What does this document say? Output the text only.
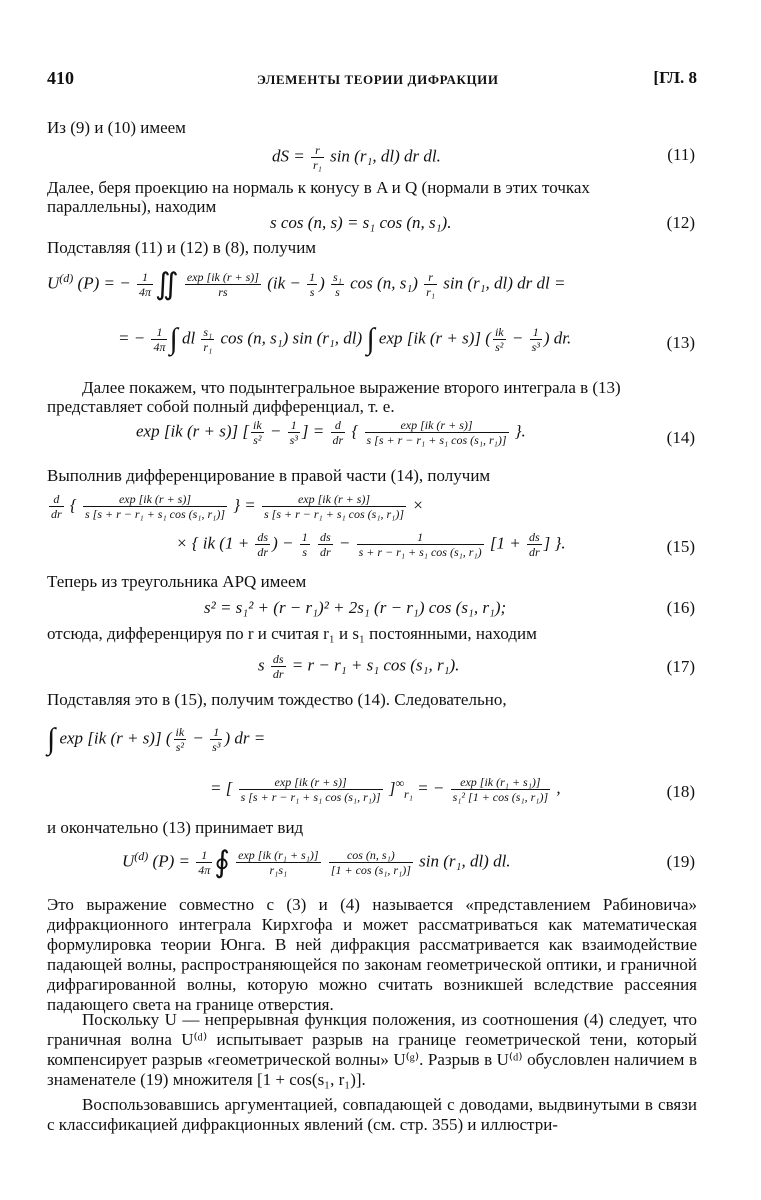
410	ЭЛЕМЕНТЫ ТЕОРИИ ДИФРАКЦИИ	[ГЛ. 8
Из (9) и (10) имеем
dS = $\frac{r}{\text{r₁}}$ sin (r₁, dl) dr dl.	(11)
Далее, беря проекцию на нормаль к конусу в A и Q (нормали в этих точках
параллельны), находим
s cos (n, s) = s₁ cos (n, s₁).	(12)
Подставляя (11) и (12) в (8), получим
$U^{(d)}$ (P) = − $\frac{1}{4\pi}$ ∬ $\frac{\exp [ik (r + s)]}{rs} (ik - \frac{1}{s}$ ) $\frac{\text{s₁}}{s}$ cos (n, $s_1) \frac{r}{\text{r₁}}$ sin (r₁, dl) dr dl =
= − $\frac{1}{4\pi}$ ∫ dl $\frac{\text{s₁}}{\text{r₁}}$ cos (n, s₁) sin (r₁, dl) ∫ exp [ik (r + s)] ( $\frac{ik}{\text{s²}} - \frac{1}{\text{s³}}$ ) dr.	(13)
Далее покажем, что подынтегральное выражение второго интеграла в (13)
представляет собой полный дифференциал, т. е.
exp [ik (r + s)] [ $\frac{ik}{\text{s²}} - \frac{1}{\text{s³}}$ ] = $\frac{d}{dr}$ { $\frac{\exp [ik (r + s)]}{\text{s [s + r − r₁ + s₁ cos (s₁, r₁)]}}$ }.	(14)
Выполнив дифференцирование в правой части (14), получим
$\frac{d}{dr}$ { $\frac{\exp [ik (r + s)]}{\text{s [s + r − r₁ + s₁ cos (s₁, r₁)]}}$ } = $\frac{\exp [ik (r + s)]}{\text{s [s + r − r₁ + s₁ cos (s₁, r₁)]}}$ ×
× { ik ($1 + \frac{ds}{dr}$ ) − $\frac{1}{s}$
$\frac{ds}{dr} - \frac{1}{\text{s + r − r₁ + s₁ cos (s₁, r₁)}} [1 + \frac{ds}{dr}$ ] }.	(15)
Теперь из треугольника APQ имеем
s² = s₁² + (r − r₁)² + 2s₁ (r − r₁) cos (s₁, r₁);	(16)
отсюда, дифференцируя по r и считая r₁ и s₁ постоянными, находим
s $\frac{ds}{dr} = r - r_1 + s_1$ cos (s₁, r₁).	(17)
Подставляя это в (15), получим тождество (14). Следовательно,
∫ exp [ik (r + s)] ( $\frac{ik}{\text{s²}} - \frac{1}{\text{s³}}$ ) dr =
= [ $\frac{\exp [ik (r + s)]}{\text{s [s + r − r₁ + s₁ cos (s₁, r₁)]}} ]^\infty_{r_1}$ = − $\frac{\text{exp [ik (r₁ + s₁)]}}{\text{s₁² [1 + cos (s₁, r₁)]}}$ ,	(18)
и окончательно (13) принимает вид
$U^{(d)}$ $(P) = \frac{1}{4\pi}$ ∮ $\frac{\text{exp [ik (r₁ + s₁)]}}{\text{r₁s₁}}$
$\frac{\text{cos (n, s₁)}}{\text{[1 + cos (s₁, r₁)]}}$ sin (r₁, dl) dl.	(19)
Это выражение совместно с (3) и (4) называется «представлением Рабиновича» дифракционного интеграла Кирхгофа и может рассматриваться как математическая формулировка теории Юнга. В ней дифракция рассматривается как взаимодействие падающей волны, распространяющейся по законам геометрической оптики, и граничной дифрагированной волны, которую можно считать возникшей вследствие рассеяния падающего света на границе отверстия.
Поскольку U — непрерывная функция положения, из соотношения (4) следует, что граничная волна U⁽ᵈ⁾ испытывает разрыв на границе геометрической тени, который компенсирует разрыв «геометрической волны» U⁽ᵍ⁾. Разрыв в U⁽ᵈ⁾ обусловлен наличием в знаменателе (19) множителя [1 + cos(s₁, r₁)].
Воспользовавшись аргументацией, совпадающей с доводами, выдвинутыми в связи с классификацией дифракционных явлений (см. стр. 355) и иллюстри-
